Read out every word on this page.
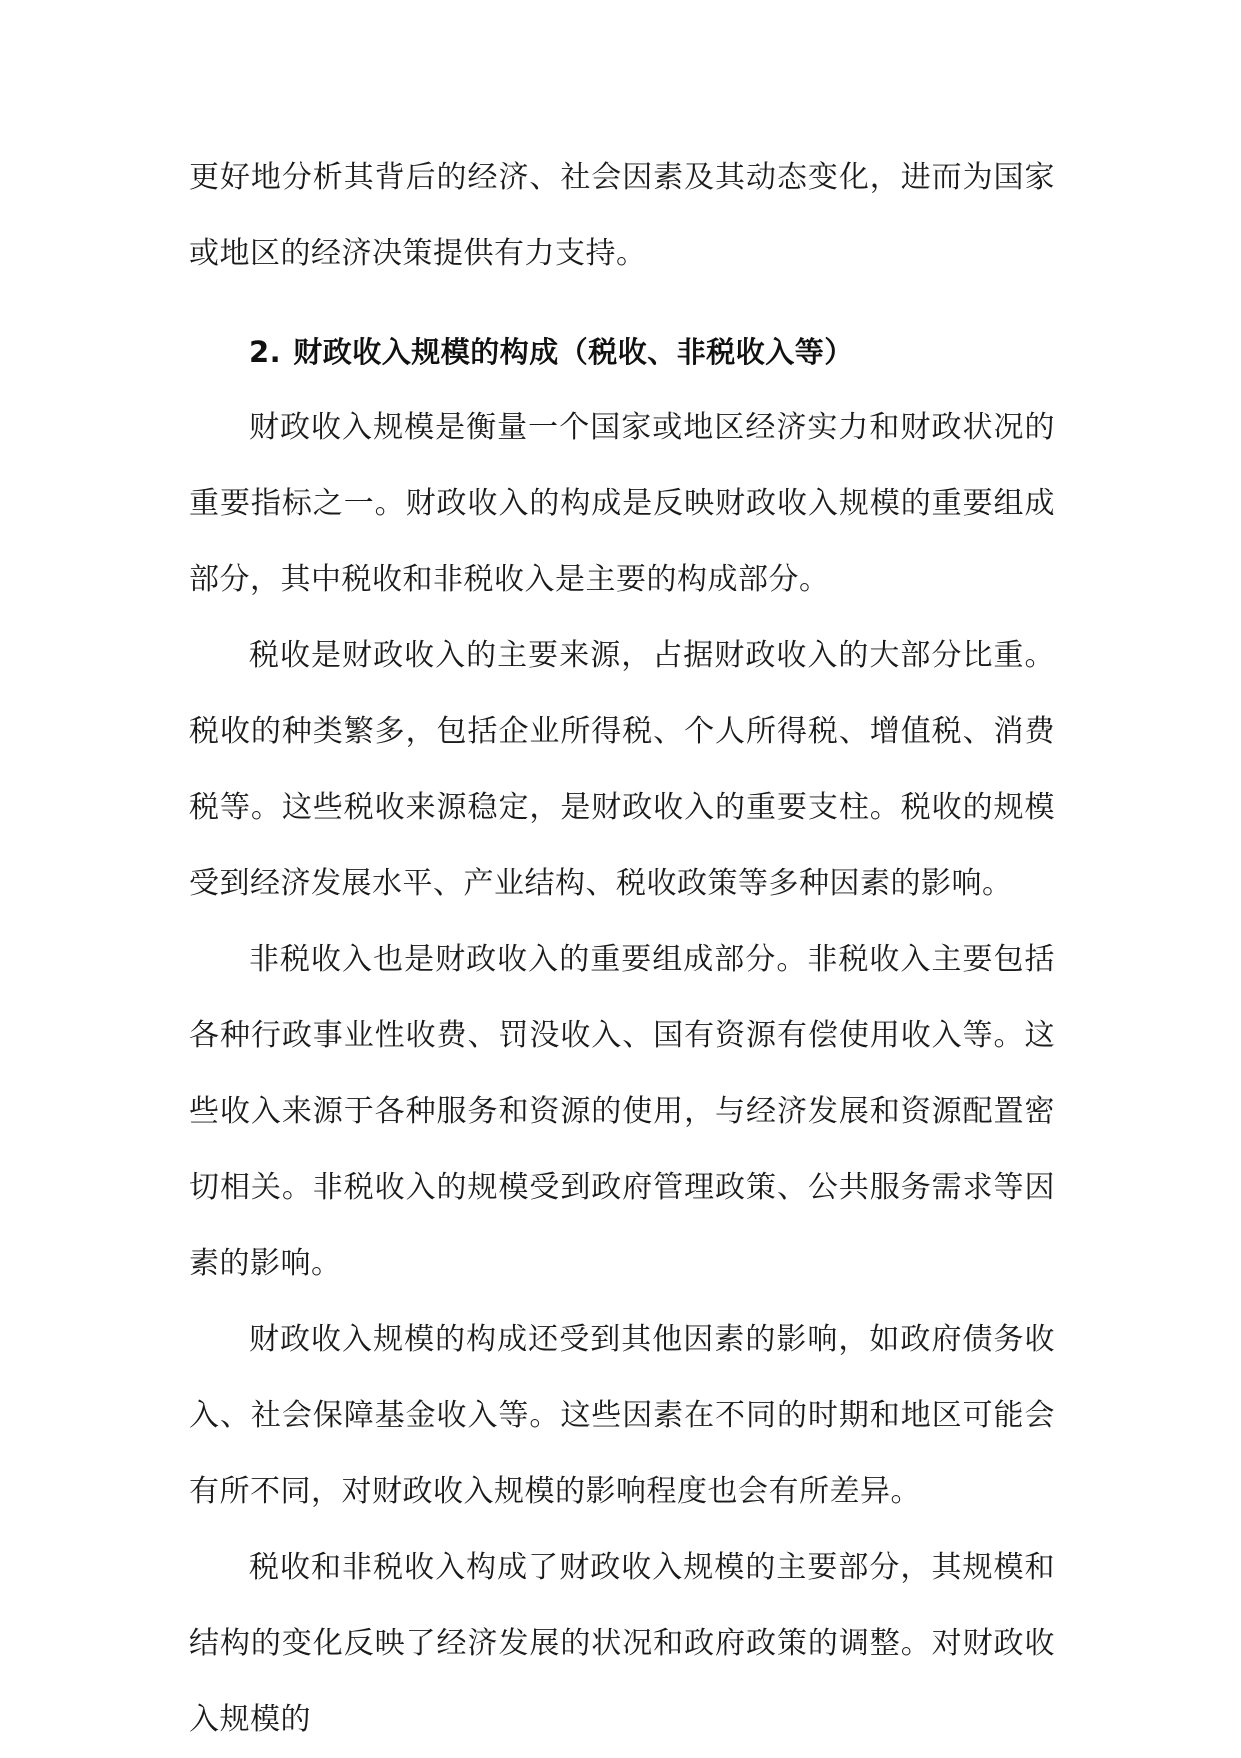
更好地分析其背后的经济、社会因素及其动态变化，进而为国家或地区的经济决策提供有力支持。

2. 财政收入规模的构成（税收、非税收入等）

财政收入规模是衡量一个国家或地区经济实力和财政状况的重要指标之一。财政收入的构成是反映财政收入规模的重要组成部分，其中税收和非税收入是主要的构成部分。

税收是财政收入的主要来源，占据财政收入的大部分比重。税收的种类繁多，包括企业所得税、个人所得税、增值税、消费税等。这些税收来源稳定，是财政收入的重要支柱。税收的规模受到经济发展水平、产业结构、税收政策等多种因素的影响。

非税收入也是财政收入的重要组成部分。非税收入主要包括各种行政事业性收费、罚没收入、国有资源有偿使用收入等。这些收入来源于各种服务和资源的使用，与经济发展和资源配置密切相关。非税收入的规模受到政府管理政策、公共服务需求等因素的影响。

财政收入规模的构成还受到其他因素的影响，如政府债务收入、社会保障基金收入等。这些因素在不同的时期和地区可能会有所不同，对财政收入规模的影响程度也会有所差异。

税收和非税收入构成了财政收入规模的主要部分，其规模和结构的变化反映了经济发展的状况和政府政策的调整。对财政收入规模的
